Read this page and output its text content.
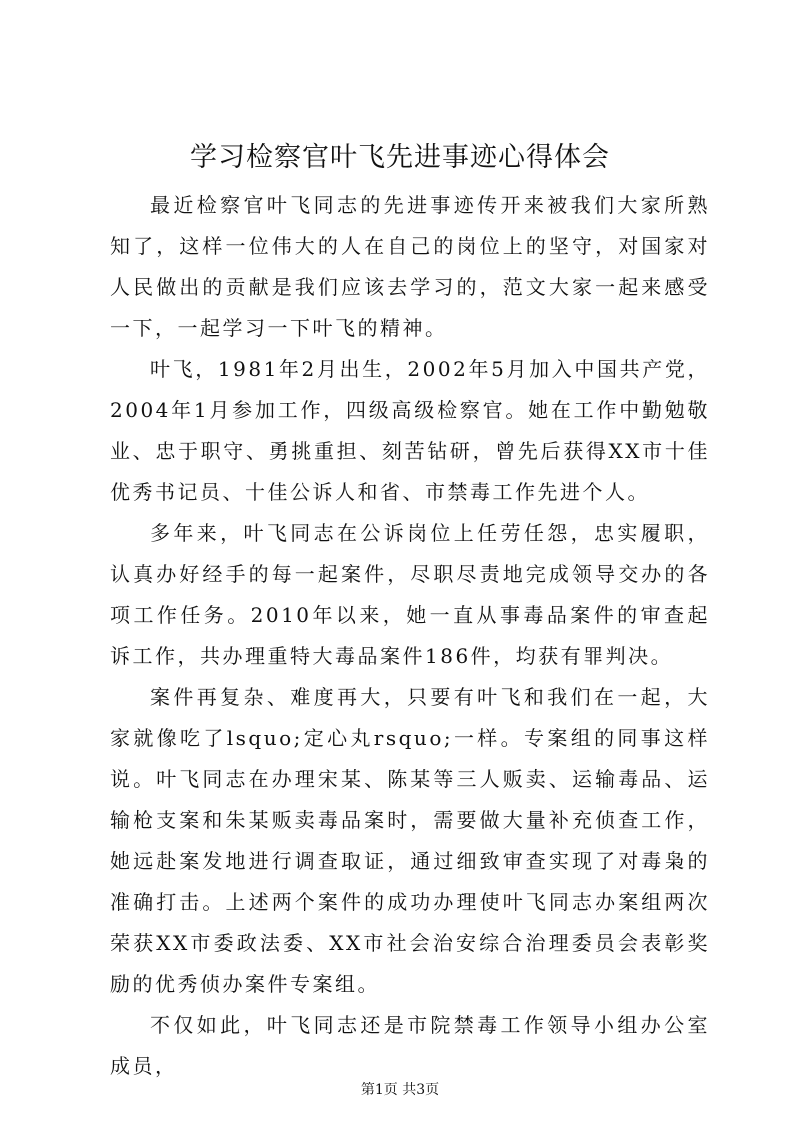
学习检察官叶飞先进事迹心得体会

最近检察官叶飞同志的先进事迹传开来被我们大家所熟知了，这样一位伟大的人在自己的岗位上的坚守，对国家对人民做出的贡献是我们应该去学习的，范文大家一起来感受一下，一起学习一下叶飞的精神。

叶飞，1981年2月出生，2002年5月加入中国共产党，2004年1月参加工作，四级高级检察官。她在工作中勤勉敬业、忠于职守、勇挑重担、刻苦钻研，曾先后获得XX市十佳优秀书记员、十佳公诉人和省、市禁毒工作先进个人。

多年来，叶飞同志在公诉岗位上任劳任怨，忠实履职，认真办好经手的每一起案件，尽职尽责地完成领导交办的各项工作任务。2010年以来，她一直从事毒品案件的审查起诉工作，共办理重特大毒品案件186件，均获有罪判决。

案件再复杂、难度再大，只要有叶飞和我们在一起，大家就像吃了lsquo;定心丸rsquo;一样。专案组的同事这样说。叶飞同志在办理宋某、陈某等三人贩卖、运输毒品、运输枪支案和朱某贩卖毒品案时，需要做大量补充侦查工作，她远赴案发地进行调查取证，通过细致审查实现了对毒枭的准确打击。上述两个案件的成功办理使叶飞同志办案组两次荣获XX市委政法委、XX市社会治安综合治理委员会表彰奖励的优秀侦办案件专案组。

不仅如此，叶飞同志还是市院禁毒工作领导小组办公室成员，

第1页 共3页
